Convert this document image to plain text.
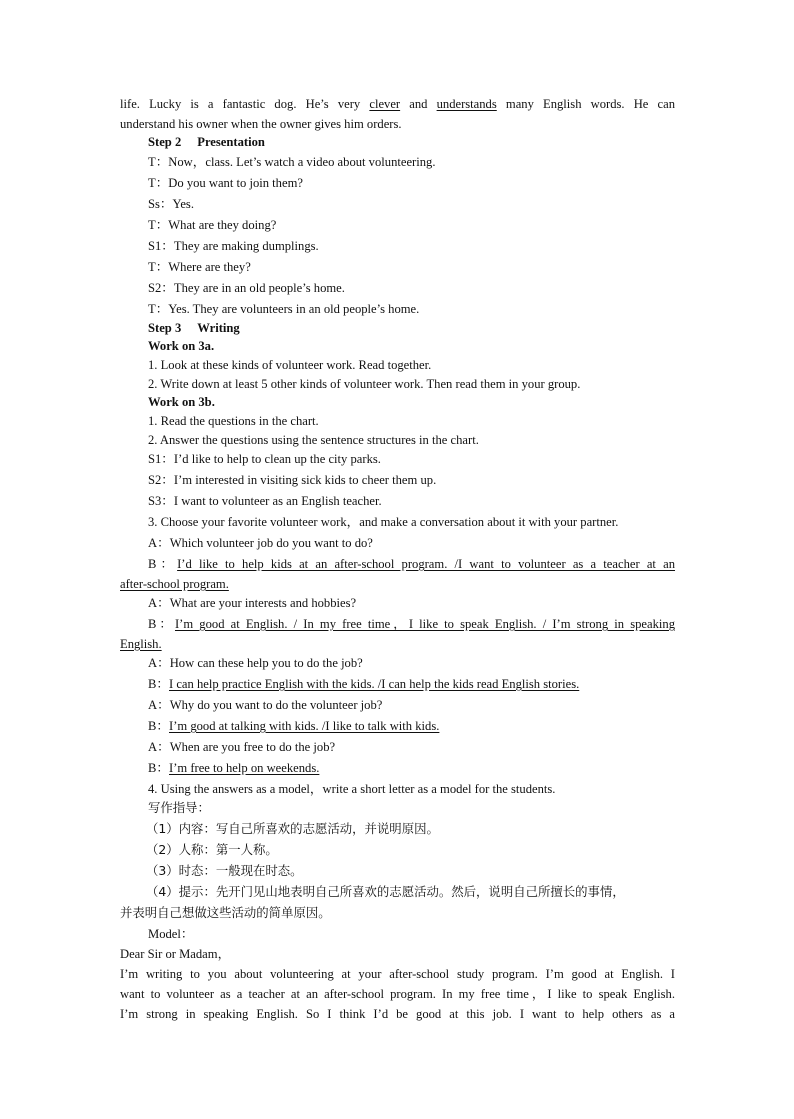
life. Lucky is a fantastic dog. He’s very clever and understands many English words. He can
understand his owner when the owner gives him orders.
Step 2 Presentation
T：Now，class. Let’s watch a video about volunteering.
T：Do you want to join them?
Ss：Yes.
T：What are they doing?
S1：They are making dumplings.
T：Where are they?
S2：They are in an old people’s home.
T：Yes. They are volunteers in an old people’s home.
Step 3 Writing
Work on 3a.
1. Look at these kinds of volunteer work. Read together.
2. Write down at least 5 other kinds of volunteer work. Then read them in your group.
Work on 3b.
1. Read the questions in the chart.
2. Answer the questions using the sentence structures in the chart.
S1：I’d like to help to clean up the city parks.
S2：I’m interested in visiting sick kids to cheer them up.
S3：I want to volunteer as an English teacher.
3. Choose your favorite volunteer work，and make a conversation about it with your partner.
A：Which volunteer job do you want to do?
B：I’d like to help kids at an after-school program. /I want to volunteer as a teacher at an
after-school program.
A：What are your interests and hobbies?
B：I’m good at English. / In my free time，I like to speak English. / I’m strong in speaking
English.
A：How can these help you to do the job?
B：I can help practice English with the kids. /I can help the kids read English stories.
A：Why do you want to do the volunteer job?
B：I’m good at talking with kids. /I like to talk with kids.
A：When are you free to do the job?
B：I’m free to help on weekends.
4. Using the answers as a model，write a short letter as a model for the students.
写作指导：
（1）内容：写自己所喜欢的志愿活动，并说明原因。
（2）人称：第一人称。
（3）时态：一般现在时态。
（4）提示：先开门见山地表明自己所喜欢的志愿活动。然后，说明自己所擅长的事情，
并表明自己想做这些活动的简单原因。
Model：
Dear Sir or Madam，
I’m writing to you about volunteering at your after-school study program. I’m good at English. I
want to volunteer as a teacher at an after-school program. In my free time，I like to speak English.
I’m strong in speaking English. So I think I’d be good at this job. I want to help others as a
